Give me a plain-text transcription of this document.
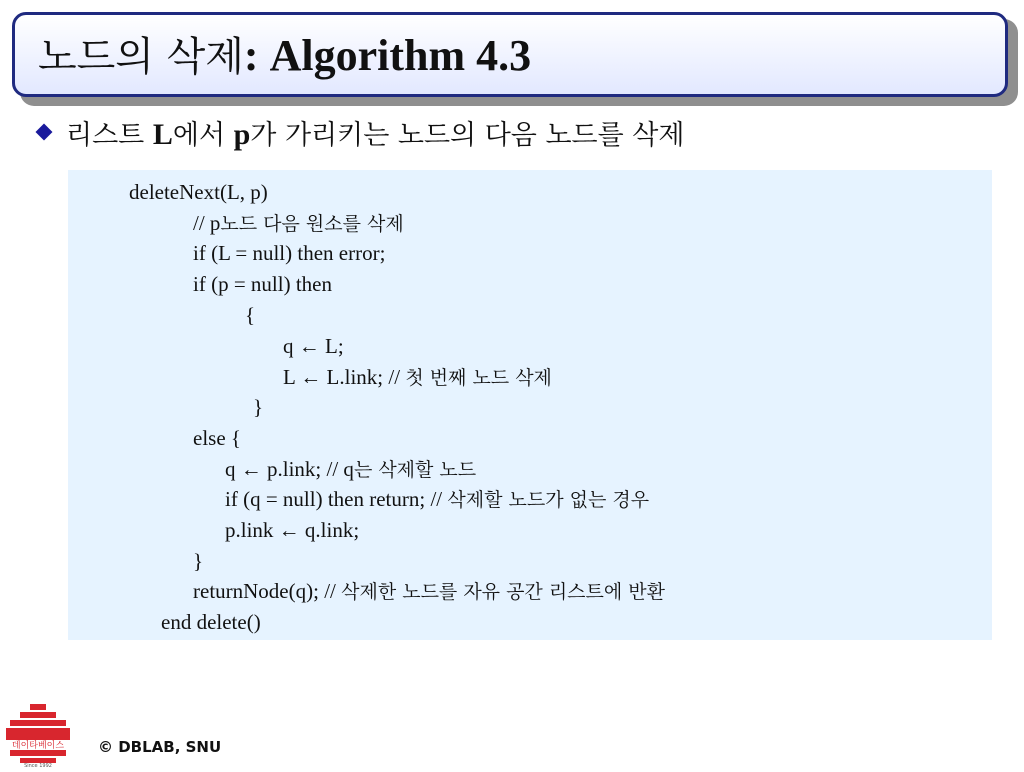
노드의 삭제: Algorithm 4.3
리스트 L에서 p가 가리키는 노드의 다음 노드를 삭제
deleteNext(L, p)
// p노드 다음 원소를 삭제
if (L = null) then error;
if (p = null) then
{
q ← L;
L ← L.link; // 첫 번째 노드 삭제
}
else {
q ← p.link; // q는 삭제할 노드
if (q = null) then return; // 삭제할 노드가 없는 경우
p.link ← q.link;
}
returnNode(q); // 삭제한 노드를 자유 공간 리스트에 반환
end delete()
데이타베이스
Since 1992
© DBLAB, SNU
